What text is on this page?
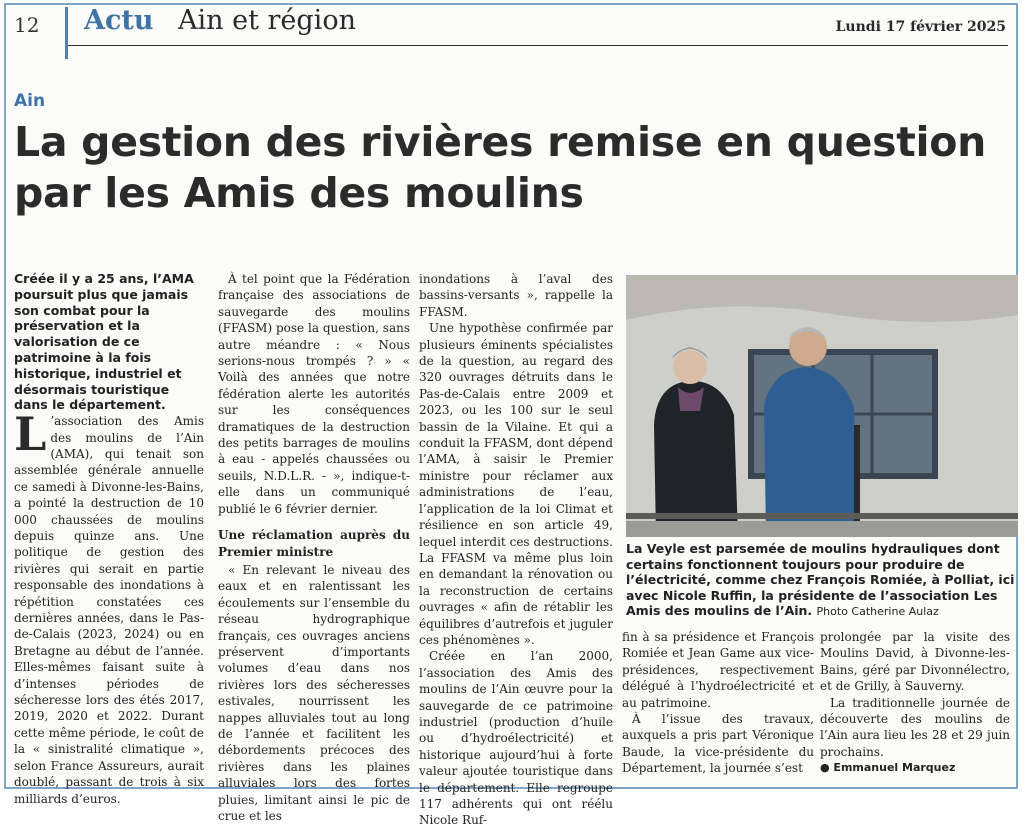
12 Actu Ain et région	Lundi 17 février 2025
Ain
La gestion des rivières remise en question par les Amis des moulins

Créée il y a 25 ans, l’AMA poursuit plus que jamais son combat pour la préservation et la valorisation de ce patrimoine à la fois historique, industriel et désormais touristique dans le département.

L ’association des Amis des moulins de l’Ain (AMA), qui tenait son assemblée générale annuelle ce samedi à Divonne-les-Bains, a pointé la destruction de 10 000 chaussées de moulins depuis quinze ans. Une politique de gestion des rivières qui serait en partie responsable des inondations à répétition constatées ces dernières années, dans le Pas-de-Calais (2023, 2024) ou en Bretagne au début de l’année. Elles-mêmes faisant suite à d’intenses périodes de sécheresse lors des étés 2017, 2019, 2020 et 2022. Durant cette même période, le coût de la « sinistralité climatique », selon France Assureurs, aurait doublé, passant de trois à six milliards d’euros.

À tel point que la Fédération française des associations de sauvegarde des moulins (FFASM) pose la question, sans autre méandre : « Nous serions-nous trompés ? » « Voilà des années que notre fédération alerte les autorités sur les conséquences dramatiques de la destruction des petits barrages de moulins à eau - appelés chaussées ou seuils, N.D.L.R. - », indique-t-elle dans un communiqué publié le 6 février dernier.

Une réclamation auprès du Premier ministre

« En relevant le niveau des eaux et en ralentissant les écoulements sur l’ensemble du réseau hydrographique français, ces ouvrages anciens préservent d’importants volumes d’eau dans nos rivières lors des sécheresses estivales, nourrissent les nappes alluviales tout au long de l’année et facilitent les débordements précoces des rivières dans les plaines alluviales lors des fortes pluies, limitant ainsi le pic de crue et les

inondations à l’aval des bassins-versants », rappelle la FFASM.

Une hypothèse confirmée par plusieurs éminents spécialistes de la question, au regard des 320 ouvrages détruits dans le Pas-de-Calais entre 2009 et 2023, ou les 100 sur le seul bassin de la Vilaine. Et qui a conduit la FFASM, dont dépend l’AMA, à saisir le Premier ministre pour réclamer aux administrations de l’eau, l’application de la loi Climat et résilience en son article 49, lequel interdit ces destructions. La FFASM va même plus loin en demandant la rénovation ou la reconstruction de certains ouvrages « afin de rétablir les équilibres d’autrefois et juguler ces phénomènes ».

Créée en l’an 2000, l’association des Amis des moulins de l’Ain œuvre pour la sauvegarde de ce patrimoine industriel (production d’huile ou d’hydroélectricité) et historique aujourd’hui à forte valeur ajoutée touristique dans le département. Elle regroupe 117 adhérents qui ont réélu Nicole Ruf-

La Veyle est parsemée de moulins hydrauliques dont certains fonctionnent toujours pour produire de l’électricité, comme chez François Romiée, à Polliat, ici avec Nicole Ruffin, la présidente de l’association Les Amis des moulins de l’Ain. Photo Catherine Aulaz

fin à sa présidence et François Romiée et Jean Game aux vice-présidences, respectivement délégué à l’hydroélectricité et au patrimoine.

À l’issue des travaux, auxquels a pris part Véronique Baude, la vice-présidente du Département, la journée s’est

prolongée par la visite des Moulins David, à Divonne-les-Bains, géré par Divonnélectro, et de Grilly, à Sauverny.

La traditionnelle journée de découverte des moulins de l’Ain aura lieu les 28 et 29 juin prochains.

● Emmanuel Marquez
